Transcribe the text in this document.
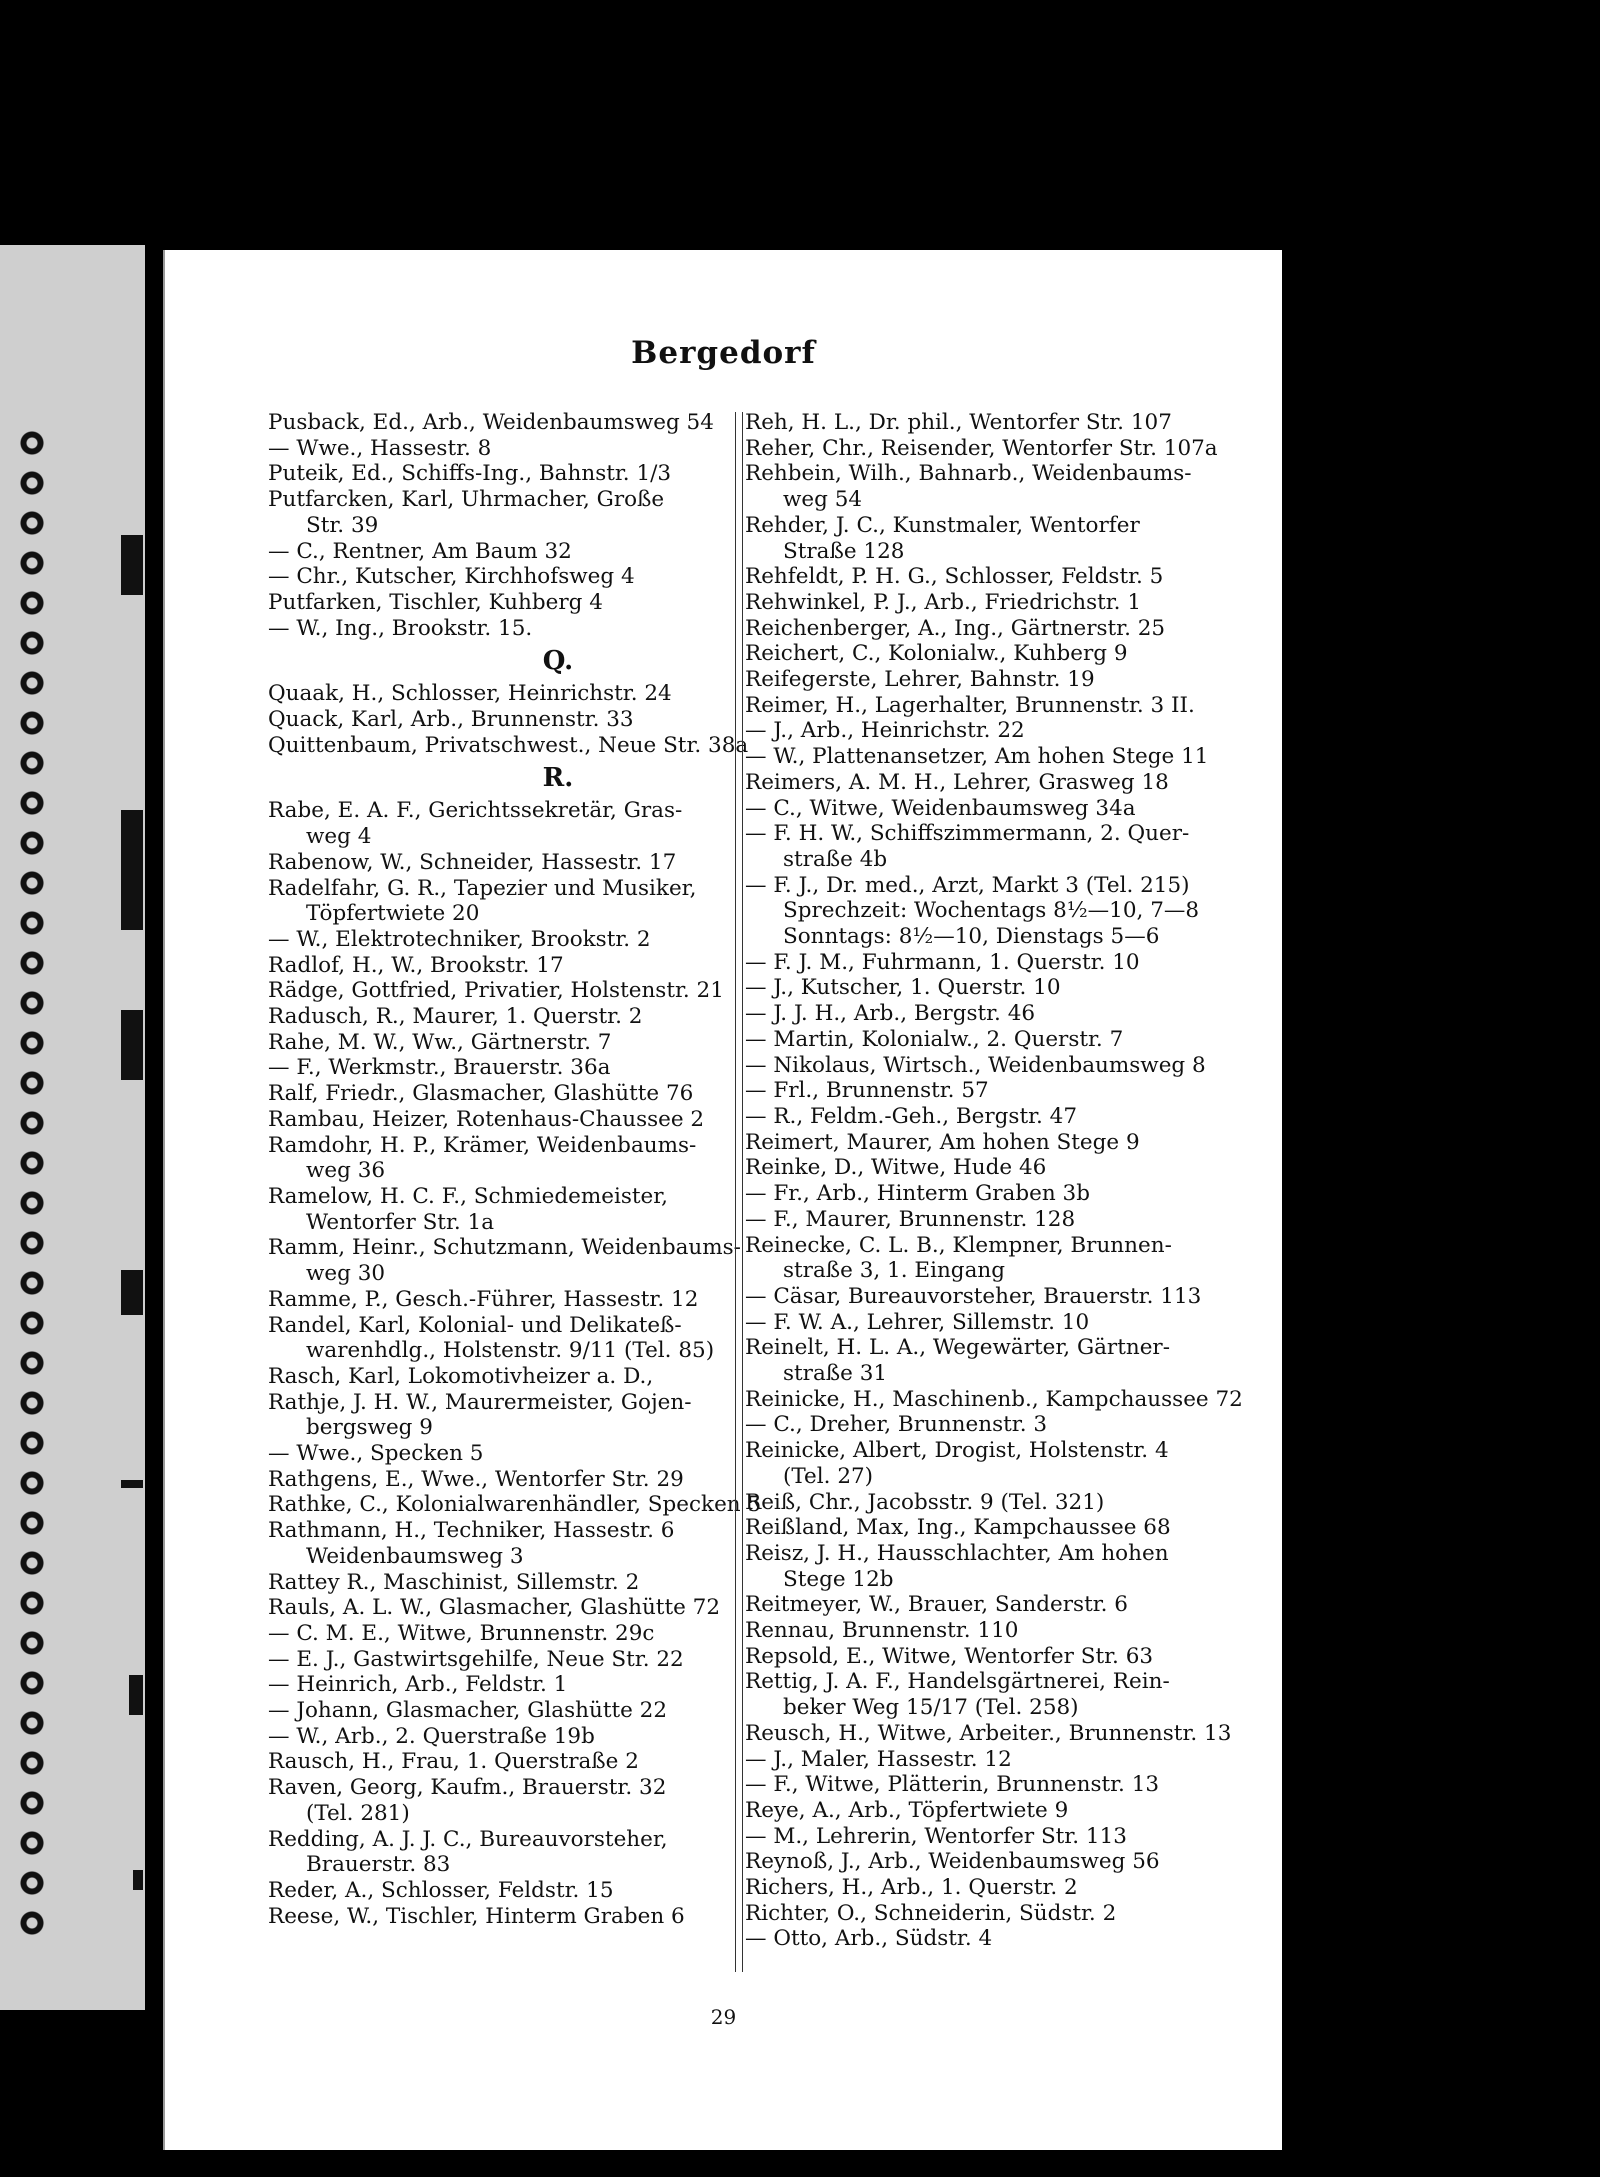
Bergedorf
Pusback, Ed., Arb., Weidenbaumsweg 54
— Wwe., Hassestr. 8
Puteik, Ed., Schiffs-Ing., Bahnstr. 1/3
Putfarcken, Karl, Uhrmacher, Große
Str. 39
— C., Rentner, Am Baum 32
— Chr., Kutscher, Kirchhofsweg 4
Putfarken, Tischler, Kuhberg 4
— W., Ing., Brookstr. 15.
Q.
Quaak, H., Schlosser, Heinrichstr. 24
Quack, Karl, Arb., Brunnenstr. 33
Quittenbaum, Privatschwest., Neue Str. 38a
R.
Rabe, E. A. F., Gerichtssekretär, Gras-
weg 4
Rabenow, W., Schneider, Hassestr. 17
Radelfahr, G. R., Tapezier und Musiker,
Töpfertwiete 20
— W., Elektrotechniker, Brookstr. 2
Radlof, H., W., Brookstr. 17
Rädge, Gottfried, Privatier, Holstenstr. 21
Radusch, R., Maurer, 1. Querstr. 2
Rahe, M. W., Ww., Gärtnerstr. 7
— F., Werkmstr., Brauerstr. 36a
Ralf, Friedr., Glasmacher, Glashütte 76
Rambau, Heizer, Rotenhaus-Chaussee 2
Ramdohr, H. P., Krämer, Weidenbaums-
weg 36
Ramelow, H. C. F., Schmiedemeister,
Wentorfer Str. 1a
Ramm, Heinr., Schutzmann, Weidenbaums-
weg 30
Ramme, P., Gesch.-Führer, Hassestr. 12
Randel, Karl, Kolonial- und Delikateß-
warenhdlg., Holstenstr. 9/11 (Tel. 85)
Rasch, Karl, Lokomotivheizer a. D.,
Rathje, J. H. W., Maurermeister, Gojen-
bergsweg 9
— Wwe., Specken 5
Rathgens, E., Wwe., Wentorfer Str. 29
Rathke, C., Kolonialwarenhändler, Specken 5
Rathmann, H., Techniker, Hassestr. 6
Weidenbaumsweg 3
Rattey R., Maschinist, Sillemstr. 2
Rauls, A. L. W., Glasmacher, Glashütte 72
— C. M. E., Witwe, Brunnenstr. 29c
— E. J., Gastwirtsgehilfe, Neue Str. 22
— Heinrich, Arb., Feldstr. 1
— Johann, Glasmacher, Glashütte 22
— W., Arb., 2. Querstraße 19b
Rausch, H., Frau, 1. Querstraße 2
Raven, Georg, Kaufm., Brauerstr. 32
(Tel. 281)
Redding, A. J. J. C., Bureauvorsteher,
Brauerstr. 83
Reder, A., Schlosser, Feldstr. 15
Reese, W., Tischler, Hinterm Graben 6
Reh, H. L., Dr. phil., Wentorfer Str. 107
Reher, Chr., Reisender, Wentorfer Str. 107a
Rehbein, Wilh., Bahnarb., Weidenbaums-
weg 54
Rehder, J. C., Kunstmaler, Wentorfer
Straße 128
Rehfeldt, P. H. G., Schlosser, Feldstr. 5
Rehwinkel, P. J., Arb., Friedrichstr. 1
Reichenberger, A., Ing., Gärtnerstr. 25
Reichert, C., Kolonialw., Kuhberg 9
Reifegerste, Lehrer, Bahnstr. 19
Reimer, H., Lagerhalter, Brunnenstr. 3 II.
— J., Arb., Heinrichstr. 22
— W., Plattenansetzer, Am hohen Stege 11
Reimers, A. M. H., Lehrer, Grasweg 18
— C., Witwe, Weidenbaumsweg 34a
— F. H. W., Schiffszimmermann, 2. Quer-
straße 4b
— F. J., Dr. med., Arzt, Markt 3 (Tel. 215)
Sprechzeit: Wochentags 8½—10, 7—8
Sonntags: 8½—10, Dienstags 5—6
— F. J. M., Fuhrmann, 1. Querstr. 10
— J., Kutscher, 1. Querstr. 10
— J. J. H., Arb., Bergstr. 46
— Martin, Kolonialw., 2. Querstr. 7
— Nikolaus, Wirtsch., Weidenbaumsweg 8
— Frl., Brunnenstr. 57
— R., Feldm.-Geh., Bergstr. 47
Reimert, Maurer, Am hohen Stege 9
Reinke, D., Witwe, Hude 46
— Fr., Arb., Hinterm Graben 3b
— F., Maurer, Brunnenstr. 128
Reinecke, C. L. B., Klempner, Brunnen-
straße 3, 1. Eingang
— Cäsar, Bureauvorsteher, Brauerstr. 113
— F. W. A., Lehrer, Sillemstr. 10
Reinelt, H. L. A., Wegewärter, Gärtner-
straße 31
Reinicke, H., Maschinenb., Kampchaussee 72
— C., Dreher, Brunnenstr. 3
Reinicke, Albert, Drogist, Holstenstr. 4
(Tel. 27)
Reiß, Chr., Jacobsstr. 9 (Tel. 321)
Reißland, Max, Ing., Kampchaussee 68
Reisz, J. H., Hausschlachter, Am hohen
Stege 12b
Reitmeyer, W., Brauer, Sanderstr. 6
Rennau, Brunnenstr. 110
Repsold, E., Witwe, Wentorfer Str. 63
Rettig, J. A. F., Handelsgärtnerei, Rein-
beker Weg 15/17 (Tel. 258)
Reusch, H., Witwe, Arbeiter., Brunnenstr. 13
— J., Maler, Hassestr. 12
— F., Witwe, Plätterin, Brunnenstr. 13
Reye, A., Arb., Töpfertwiete 9
— M., Lehrerin, Wentorfer Str. 113
Reynoß, J., Arb., Weidenbaumsweg 56
Richers, H., Arb., 1. Querstr. 2
Richter, O., Schneiderin, Südstr. 2
— Otto, Arb., Südstr. 4
29
